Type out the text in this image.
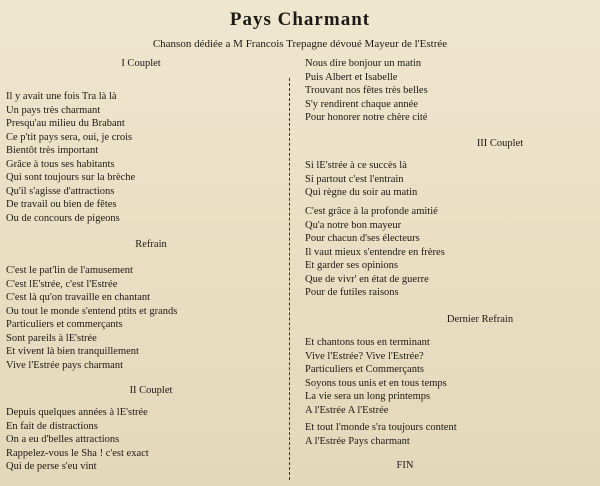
Pays Charmant
Chanson dédiée a M Francois Trepagne dévoué Mayeur de l'Estrée
I Couplet
Il y avait une fois Tra là là
Un pays très charmant
Presqu'au milieu du Brabant
Ce p'tit pays sera, oui, je crois
Bientôt très important
Grâce à tous ses habitants
Qui sont toujours sur la brèche
Qu'il s'agisse d'attractions
De travail ou bien de fêtes
Ou de concours de pigeons
Refrain
C'est le pat'lin de l'amusement
C'est lE'strée, c'est l'Estrée
C'est là qu'on travaille en chantant
Ou tout le monde s'entend ptits et grands
Particuliers et commerçants
Sont pareils à lE'strée
Et vivent là bien tranquillement
Vive l'Estrée pays charmant
II Couplet
Depuis quelques années à lE'strée
En fait de distractions
On a eu d'belles attractions
Rappelez-vous le Sha ! c'est exact
Qui de perse s'eu vint
Nous dire bonjour un matin
Puis Albert et Isabelle
Trouvant nos fêtes très belles
S'y rendirent chaque année
Pour honorer notre chère cité
III Couplet
Si lE'strée à ce succès là
Si partout c'est l'entrain
Qui règne du soir au matin
C'est grâce à la profonde amitié
Qu'a notre bon mayeur
Pour chacun d'ses électeurs
Il vaut mieux s'entendre en frères
Et garder ses opinions
Que de vivr' en état de guerre
Pour de futiles raisons
Dernier Refrain
Et chantons tous en terminant
Vive l'Estrée? Vive l'Estrée?
Particuliers et Commerçants
Soyons tous unis et en tous temps
La vie sera un long printemps
A l'Estrée A l'Estrée
Et tout l'monde s'ra toujours content
A l'Estrée Pays charmant
FIN
